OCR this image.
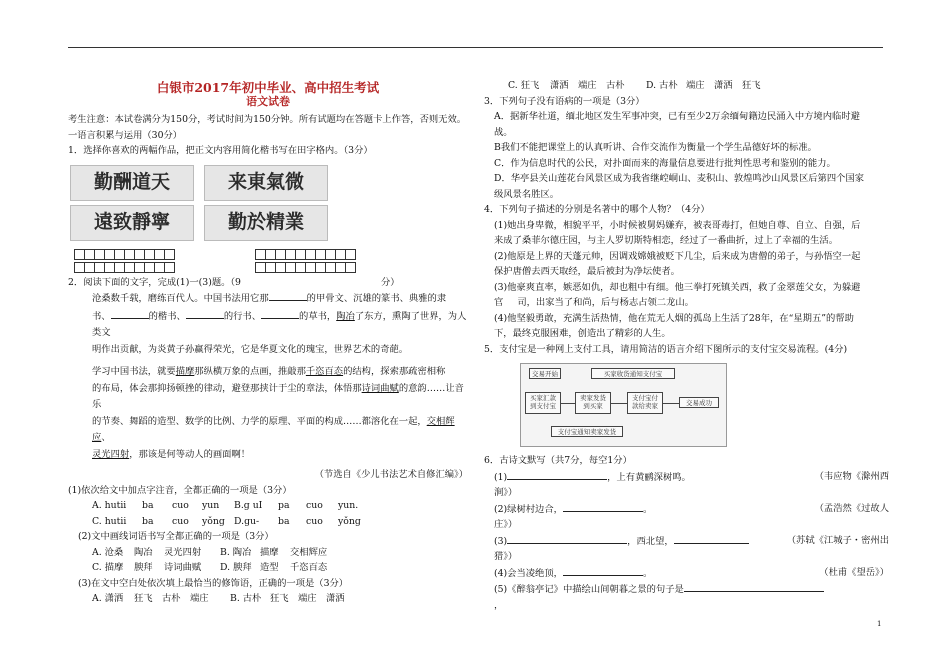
白银市2017年初中毕业、高中招生考试
语文试卷

考生注意：本试卷满分为150分，考试时间为150分钟。所有试题均在答题卡上作答，否则无效。

一语言积累与运用（30分）

1．选择你喜欢的两幅作品，把正文内容用简化楷书写在田字格内。（3分）

勤酬道天	来東氣微
遠致靜寧	勤於精業

2．阅读下面的文字，完成(1)一(3)题。（9	分）

沧桑数千载，磨练百代人。中国书法用它那	的甲骨文、沉雄的篆书、典雅的隶
书、	的楷书、	的行书、	的草书，陶冶了东方，熏陶了世界，为人类文
明作出贡献，为炎黄子孙赢得荣光，它是华夏文化的瑰宝，世界艺术的奇葩。

学习中国书法，就要描摩那纵横万象的点画，推敲那千恣百态的结构，探索那疏密相称
的布局，体会那抑扬顿挫的律动，避登那挟计于尘的章法，体悟那诗词曲赋的意韵……让音乐
的节奏、舞蹈的造型、数学的比例、力学的原理、平面的构成……都溶化在一起，交相辉应、
灵光四射，那该是何等动人的画面啊！

（节选自《少儿书法艺术自修汇编》）

(1)依次给文中加点字注音，全都正确的一项是（3分）

A. hutii	ba	cuo	yun	B.g uI	pa	cuo	yun.
C. hutii	ba	cuo	yǒng D.gu-	ba	cuo	yǒng

(2)文中画线词语书写全都正确的一项是（3分）

A. 沧桑	陶冶	灵光四射	B. 陶冶 描摩	交相辉应
C. 描摩	腴拜	诗词曲赋	D. 腴拜 造型	千恣百态

(3)在文中空白处依次填上最恰当的修饰语，正确的一项是（3分）

A. 潇洒	狂飞	古朴	端庄	B. 古朴 狂飞	端庄	潇洒
C. 狂飞	潇洒	端庄	古朴	D. 古朴 端庄	潇洒	狂飞

3．下列句子没有语病的一项是（3分）

A．据新华社道，缅北地区发生军事冲突，已有至少2万余缅甸籍边民涌入中方境内临时避
战。

B我们不能把课堂上的认真听讲、合作交流作为衡量一个学生品德好坏的标准。

C．作为信息时代的公民，对扑面而来的海量信息要进行批判性思考和鉴别的能力。

D．华亭县关山莲花台风景区成为我省继崆峒山、麦积山、敦煌鸣沙山风景区后第四个国家
级风景名胜区。

4．下列句子描述的分别是名著中的哪个人物？（4分）

(1)她出身卑微，相貌平平，小时候被舅妈嫌弃，被表哥毒打，但她自尊、自立、自强，后
来成了桑菲尔德庄园，与主人罗切斯特相恋，经过了一番曲折，过上了幸福的生活。

(2)他原是上界的天蓬元帅，因调戏嫦娥被贬下几尘，后来成为唐僧的弟子，与孙悟空一起
保护唐僧去西天取经，最后被封为净坛使者。

(3)他豪爽直率，嫉恶如仇，却也粗中有细。他三拳打死镇关西，救了金翠莲父女，为躲避
官 司，出家当了和尚，后与杨志占领二龙山。

(4)他坚毅勇敢，充满生活热情，他在荒无人烟的孤岛上生活了28年，在“星期五”的帮助
下，最终克服困难，创造出了精彩的人生。

5．支付宝是一种网上支付工具，请用简洁的语言介绍下图所示的支付宝交易流程。(4分)

交易开始	买家收货通知支付宝
买家汇款到支付宝
卖家发货到买家
支付宝付款给卖家	交易成功
支付宝通知卖家发货

6．古诗文默写（共7分，每空1分）

(1)	，上有黄鹂深树鸣。	（韦应物《滁州西

涧》）
(2)绿树村边合，	。	（孟浩然《过故人

庄》）
(3)	，西北望，	（苏轼《江城子・密州出

猎》）
(4)会当凌绝顶，	。	（杜甫《望岳》）
(5)《醉翁亭记》中描绘山间朝暮之景的句子是
，
1
